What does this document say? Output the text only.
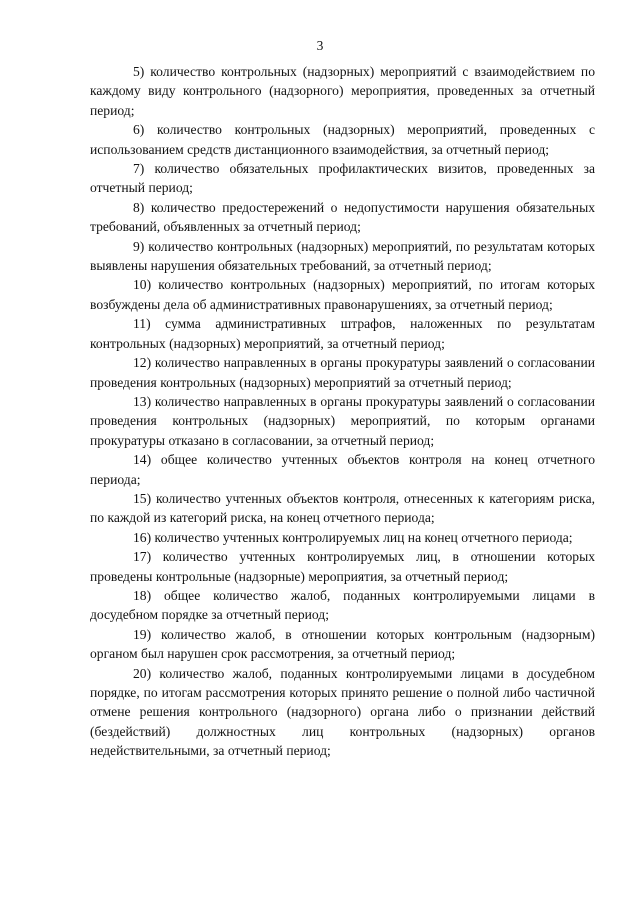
3

5) количество контрольных (надзорных) мероприятий с взаимодействием по каждому виду контрольного (надзорного) мероприятия, проведенных за отчетный период;

6) количество контрольных (надзорных) мероприятий, проведенных с использованием средств дистанционного взаимодействия, за отчетный период;

7) количество обязательных профилактических визитов, проведенных за отчетный период;

8) количество предостережений о недопустимости нарушения обязательных требований, объявленных за отчетный период;

9) количество контрольных (надзорных) мероприятий, по результатам которых выявлены нарушения обязательных требований, за отчетный период;

10) количество контрольных (надзорных) мероприятий, по итогам которых возбуждены дела об административных правонарушениях, за отчетный период;

11) сумма административных штрафов, наложенных по результатам контрольных (надзорных) мероприятий, за отчетный период;

12) количество направленных в органы прокуратуры заявлений о согласовании проведения контрольных (надзорных) мероприятий за отчетный период;

13) количество направленных в органы прокуратуры заявлений о согласовании проведения контрольных (надзорных) мероприятий, по которым органами прокуратуры отказано в согласовании, за отчетный период;

14) общее количество учтенных объектов контроля на конец отчетного периода;

15) количество учтенных объектов контроля, отнесенных к категориям риска, по каждой из категорий риска, на конец отчетного периода;

16) количество учтенных контролируемых лиц на конец отчетного периода;

17) количество учтенных контролируемых лиц, в отношении которых проведены контрольные (надзорные) мероприятия, за отчетный период;

18) общее количество жалоб, поданных контролируемыми лицами в досудебном порядке за отчетный период;

19) количество жалоб, в отношении которых контрольным (надзорным) органом был нарушен срок рассмотрения, за отчетный период;

20) количество жалоб, поданных контролируемыми лицами в досудебном порядке, по итогам рассмотрения которых принято решение о полной либо частичной отмене решения контрольного (надзорного) органа либо о признании действий (бездействий) должностных лиц контрольных (надзорных) органов недействительными, за отчетный период;
